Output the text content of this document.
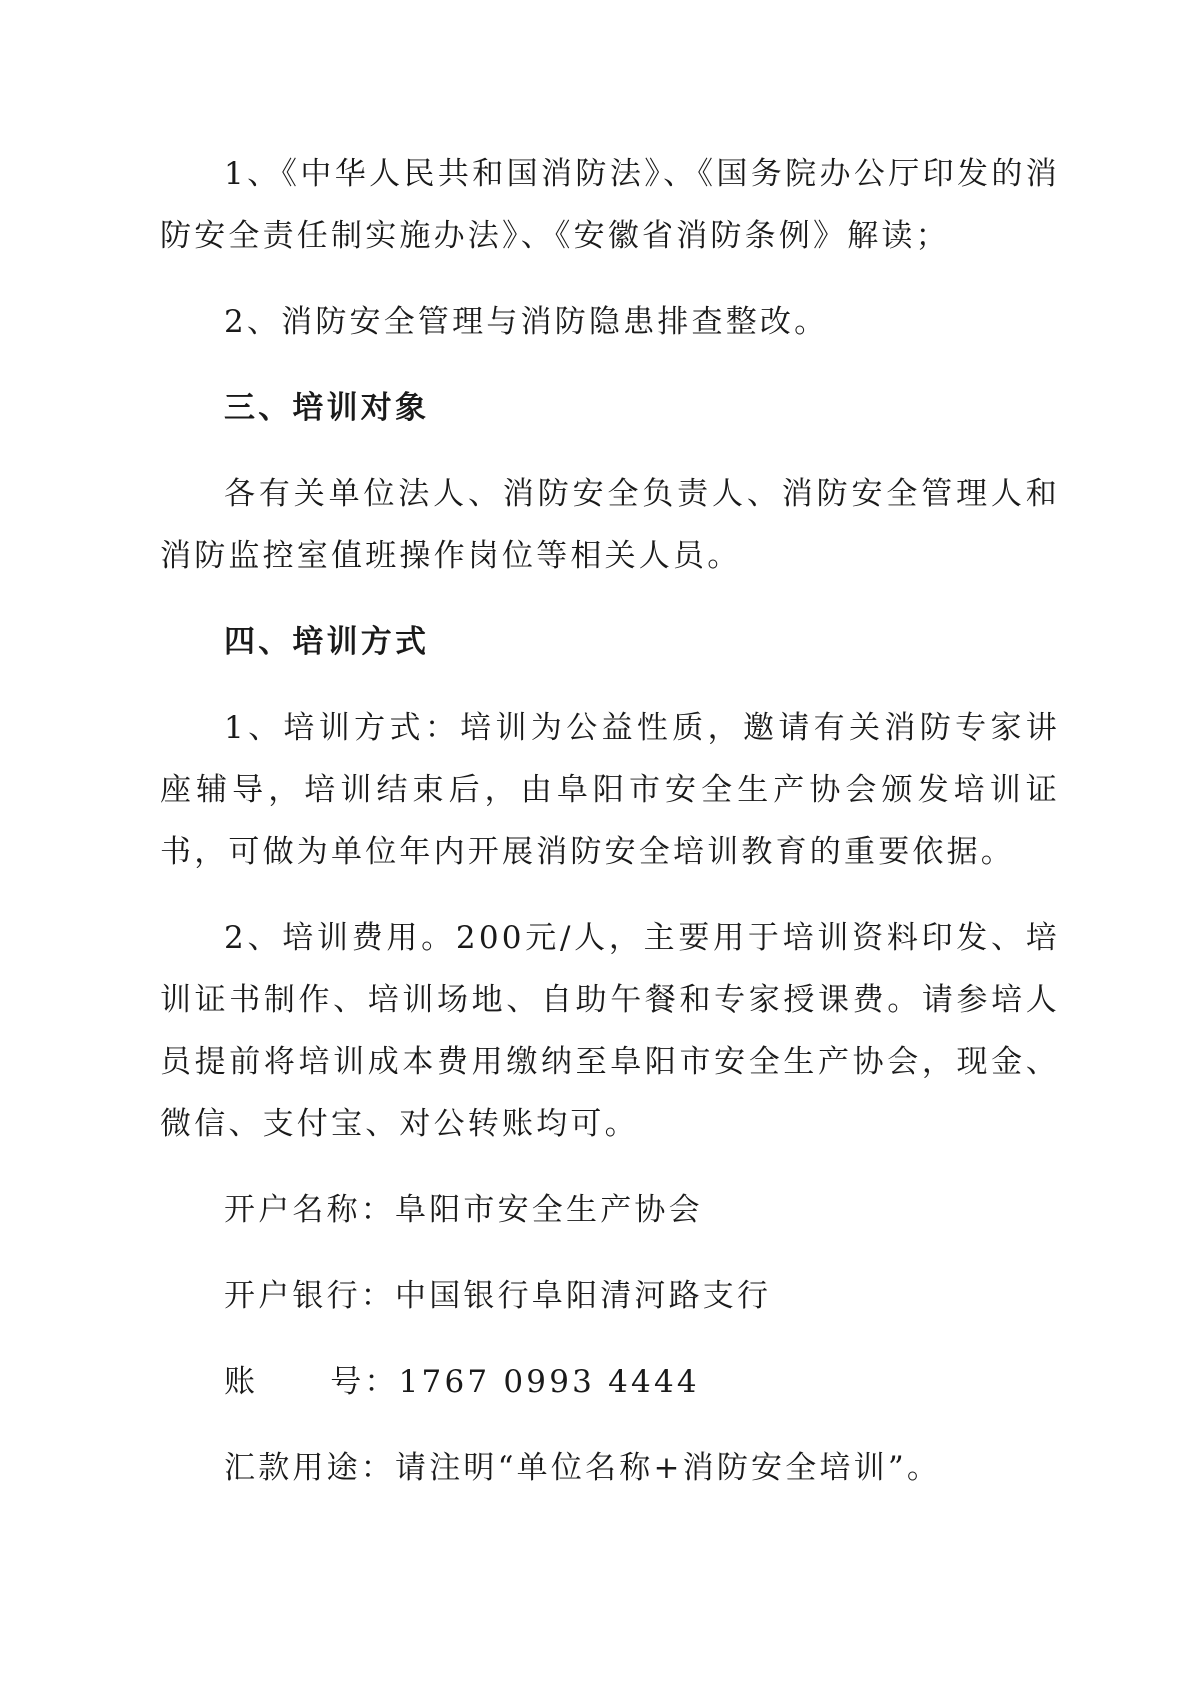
1、《中华人民共和国消防法》、《国务院办公厅印发的消防安全责任制实施办法》、《安徽省消防条例》解读；

2、消防安全管理与消防隐患排查整改。

三、培训对象

各有关单位法人、消防安全负责人、消防安全管理人和消防监控室值班操作岗位等相关人员。

四、培训方式

1、培训方式：培训为公益性质，邀请有关消防专家讲座辅导，培训结束后，由阜阳市安全生产协会颁发培训证书，可做为单位年内开展消防安全培训教育的重要依据。

2、培训费用。200元/人，主要用于培训资料印发、培训证书制作、培训场地、自助午餐和专家授课费。请参培人员提前将培训成本费用缴纳至阜阳市安全生产协会，现金、微信、支付宝、对公转账均可。

开户名称：阜阳市安全生产协会
开户银行：中国银行阜阳清河路支行
账 号：1767 0993 4444
汇款用途：请注明“单位名称+消防安全培训”。
